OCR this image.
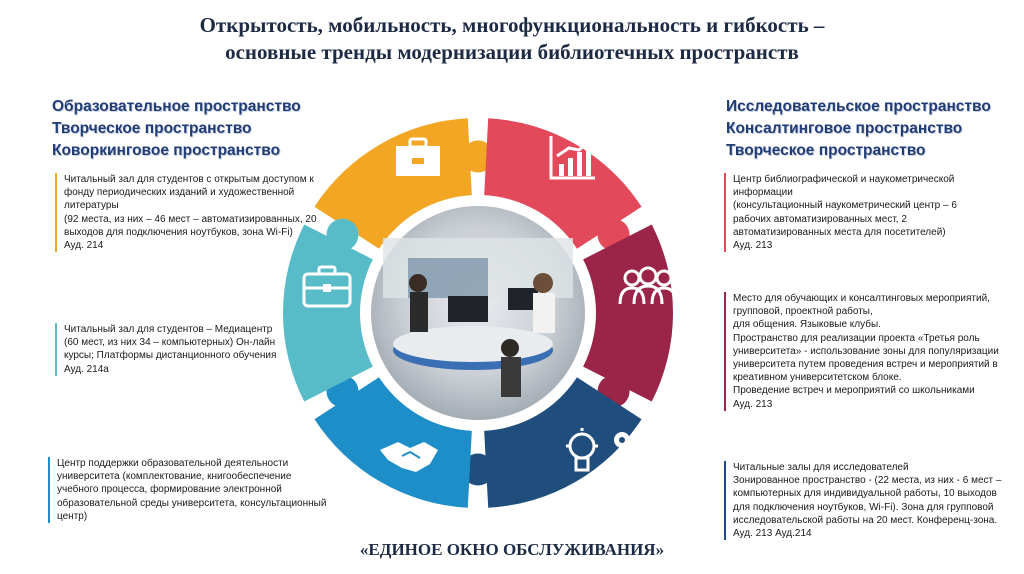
Открытость, мобильность, многофункциональность и гибкость –
основные тренды модернизации библиотечных пространств
Образовательное пространство
Творческое пространство
Коворкинговое пространство
Исследовательское пространство
Консалтинговое пространство
Творческое пространство
Читальный зал для студентов с открытым доступом к фонду периодических изданий и художественной литературы
(92 места, из них – 46 мест – автоматизированных, 20 выходов для подключения ноутбуков, зона Wi-Fi)
Ауд. 214
Читальный зал для студентов – Медиацентр
(60 мест, из них 34 – компьютерных) Он-лайн курсы; Платформы дистанционного обучения
Ауд. 214а
Центр поддержки образовательной деятельности университета (комплектование, книгообеспечение учебного процесса, формирование электронной образовательной среды университета, консультационный центр)
Центр библиографической и наукометрической информации
(консультационный наукометрический центр – 6 рабочих автоматизированных мест, 2 автоматизированных места для посетителей)
Ауд. 213
Место для обучающих и консалтинговых мероприятий, групповой, проектной работы,
для общения. Языковые клубы.
Пространство для реализации проекта «Третья роль университета» - использование зоны для популяризации университета путем проведения встреч и мероприятий в креативном университетском блоке.
Проведение встреч и мероприятий со школьниками
Ауд. 213
Читальные залы для исследователей
Зонированное пространство - (22 места, из них - 6 мест – компьютерных для индивидуальной работы, 10 выходов для подключения ноутбуков, Wi-Fi). Зона для групповой исследовательской работы на 20 мест. Конференц-зона.
Ауд. 213 Ауд.214
«ЕДИНОЕ ОКНО ОБСЛУЖИВАНИЯ»
